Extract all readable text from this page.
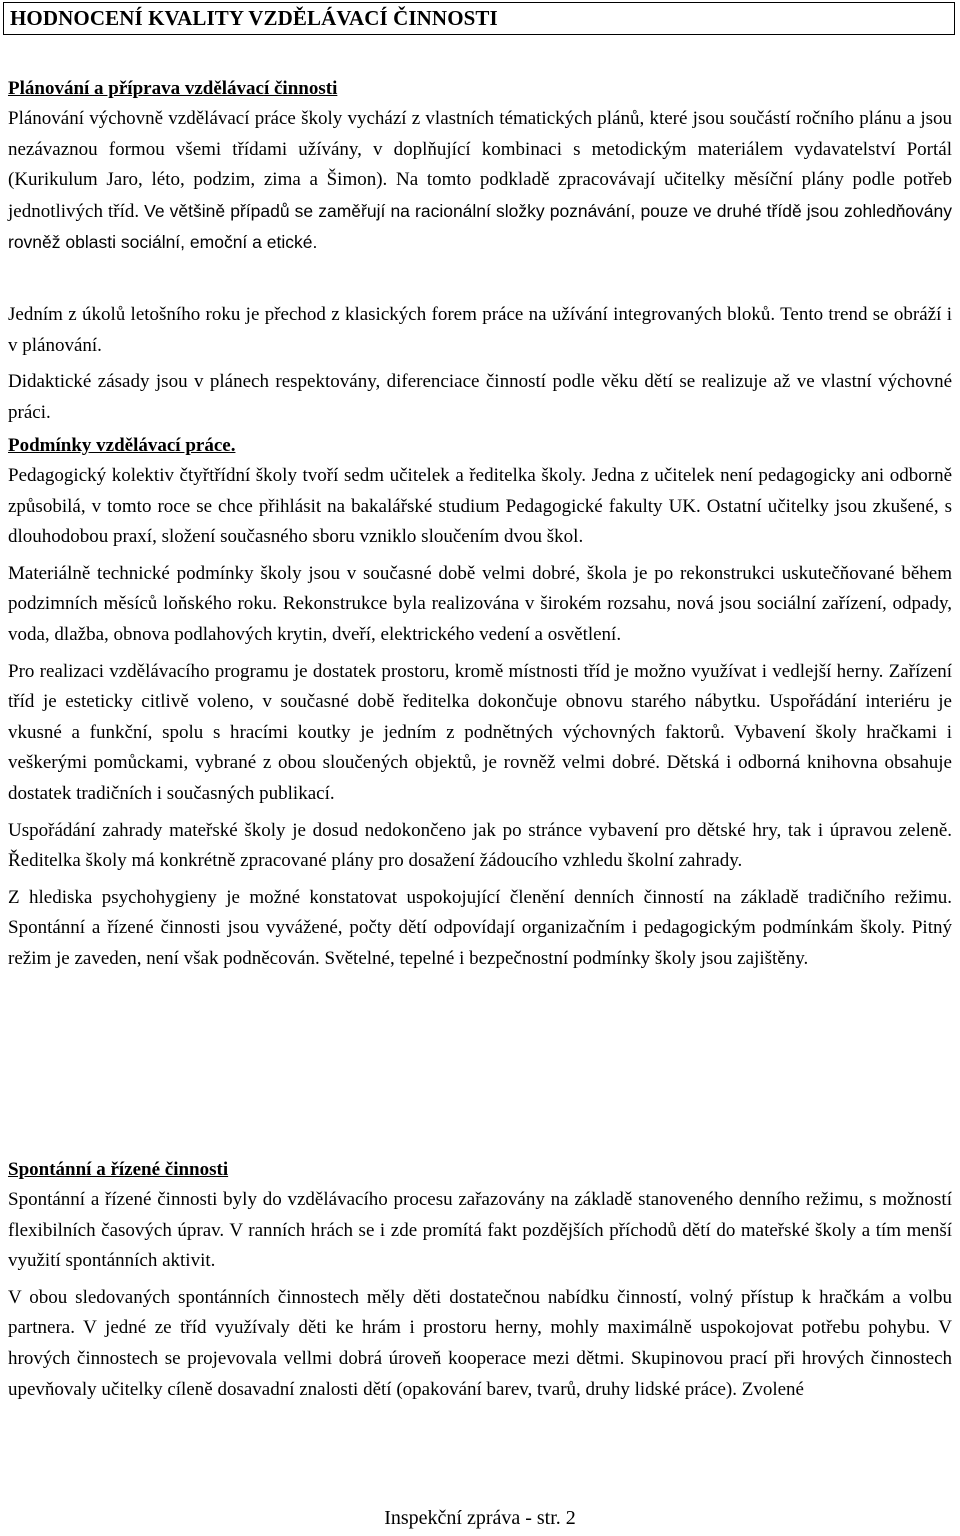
HODNOCENÍ KVALITY VZDĚLÁVACÍ ČINNOSTI

Plánování a příprava vzdělávací činnosti

Plánování výchovně vzdělávací práce školy vychází z vlastních tématických plánů, které jsou součástí ročního plánu a jsou nezávaznou formou všemi třídami užívány, v doplňující kombinaci s metodickým materiálem vydavatelství Portál (Kurikulum Jaro, léto, podzim, zima a Šimon). Na tomto podkladě zpracovávají učitelky měsíční plány podle potřeb jednotlivých tříd. Ve většině případů se zaměřují na racionální složky poznávání, pouze ve druhé třídě jsou zohledňovány rovněž oblasti sociální, emoční a etické.

Jedním z úkolů letošního roku je přechod z klasických forem práce na užívání integrovaných bloků. Tento trend se obráží i v plánování.

Didaktické zásady jsou v plánech respektovány, diferenciace činností podle věku dětí se realizuje až ve vlastní výchovné práci.

Podmínky vzdělávací práce.

Pedagogický kolektiv čtyřtřídní školy tvoří sedm učitelek a ředitelka školy. Jedna z učitelek není pedagogicky ani odborně způsobilá, v tomto roce se chce přihlásit na bakalářské studium Pedagogické fakulty UK. Ostatní učitelky jsou zkušené, s dlouhodobou praxí, složení současného sboru vzniklo sloučením dvou škol.

Materiálně technické podmínky školy jsou v současné době velmi dobré, škola je po rekonstrukci uskutečňované během podzimních měsíců loňského roku. Rekonstrukce byla realizována v širokém rozsahu, nová jsou sociální zařízení, odpady, voda, dlažba, obnova podlahových krytin, dveří, elektrického vedení a osvětlení.

Pro realizaci vzdělávacího programu je dostatek prostoru, kromě místnosti tříd je možno využívat i vedlejší herny. Zařízení tříd je esteticky citlivě voleno, v současné době ředitelka dokončuje obnovu starého nábytku. Uspořádání interiéru je vkusné a funkční, spolu s hracími koutky je jedním z podnětných výchovných faktorů. Vybavení školy hračkami i veškerými pomůckami, vybrané z obou sloučených objektů, je rovněž velmi dobré. Dětská i odborná knihovna obsahuje dostatek tradičních i současných publikací.

Uspořádání zahrady mateřské školy je dosud nedokončeno jak po stránce vybavení pro dětské hry, tak i úpravou zeleně. Ředitelka školy má konkrétně zpracované plány pro dosažení žádoucího vzhledu školní zahrady.

Z hlediska psychohygieny je možné konstatovat uspokojující členění denních činností na základě tradičního režimu. Spontánní a řízené činnosti jsou vyvážené, počty dětí odpovídají organizačním i pedagogickým podmínkám školy. Pitný režim je zaveden, není však podněcován. Světelné, tepelné i bezpečnostní podmínky školy jsou zajištěny.

Spontánní a řízené činnosti

Spontánní a řízené činnosti byly do vzdělávacího procesu zařazovány na základě stanoveného denního režimu, s možností flexibilních časových úprav. V ranních hrách se i zde promítá fakt pozdějších příchodů dětí do mateřské školy a tím menší využití spontánních aktivit.

V obou sledovaných spontánních činnostech měly děti dostatečnou nabídku činností, volný přístup k hračkám a volbu partnera. V jedné ze tříd využívaly děti ke hrám i prostoru herny, mohly maximálně uspokojovat potřebu pohybu. V hrových činnostech se projevovala vellmi dobrá úroveň kooperace mezi dětmi. Skupinovou prací při hrových činnostech upevňovaly učitelky cíleně dosavadní znalosti dětí (opakování barev, tvarů, druhy lidské práce). Zvolené

Inspekční zpráva - str. 2
